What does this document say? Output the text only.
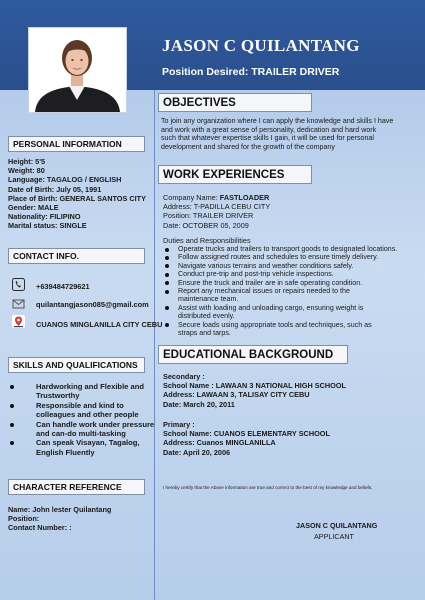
JASON C QUILANTANG
Position Desired: TRAILER DRIVER
PERSONAL INFORMATION
Height: 5'5
Weight: 80
Language: TAGALOG / ENGLISH
Date of Birth: July 05, 1991
Place of Birth: GENERAL SANTOS CITY
Gender: MALE
Nationality: FILIPINO
Marital status: SINGLE
CONTACT INFO.
+639484729621
quilantangjason085@gmail.com
CUANOS MINGLANILLA CITY CEBU
SKILLS AND QUALIFICATIONS
Hardworking and Flexible and
Trustworthy
Responsible and kind to
colleagues and other people
Can handle work under pressure
and can-do multi-tasking
Can speak Visayan, Tagalog,
English Fluently
CHARACTER REFERENCE
Name: John lester Quilantang
Position:
Contact Number: :
OBJECTIVES
To join any organization where I can apply the knowledge and skills I have
and work with a great sense of personality, dedication and hard work
such that whatever expertise skills I gain, it will be used for personal
development and shared for the growth of the company
WORK EXPERIENCES
Company Name: FASTLOADER
Address: T-PADILLA CEBU CITY
Position: TRAILER DRIVER
Date: OCTOBER 05, 2009
Duties and Responsibilities
Operate trucks and trailers to transport goods to designated locations.
Follow assigned routes and schedules to ensure timely delivery.
Navigate various terrains and weather conditions safely.
Conduct pre-trip and post-trip vehicle inspections.
Ensure the truck and trailer are in safe operating condition.
Report any mechanical issues or repairs needed to the
maintenance team.
Assist with loading and unloading cargo, ensuring weight is
distributed evenly.
Secure loads using appropriate tools and techniques, such as
straps and tarps.
EDUCATIONAL BACKGROUND
Secondary :
School Name : LAWAAN 3 NATIONAL HIGH SCHOOL
Address: LAWAAN 3, TALISAY CITY CEBU
Date: March 20, 2011
Primary :
School Name: CUANOS ELEMENTARY SCHOOL
Address: Cuanos MINGLANILLA
Date: April 20, 2006
I hereby certify that the Above information are true and correct to the best of my knowledge and beliefs.
JASON C QUILANTANG
APPLICANT
